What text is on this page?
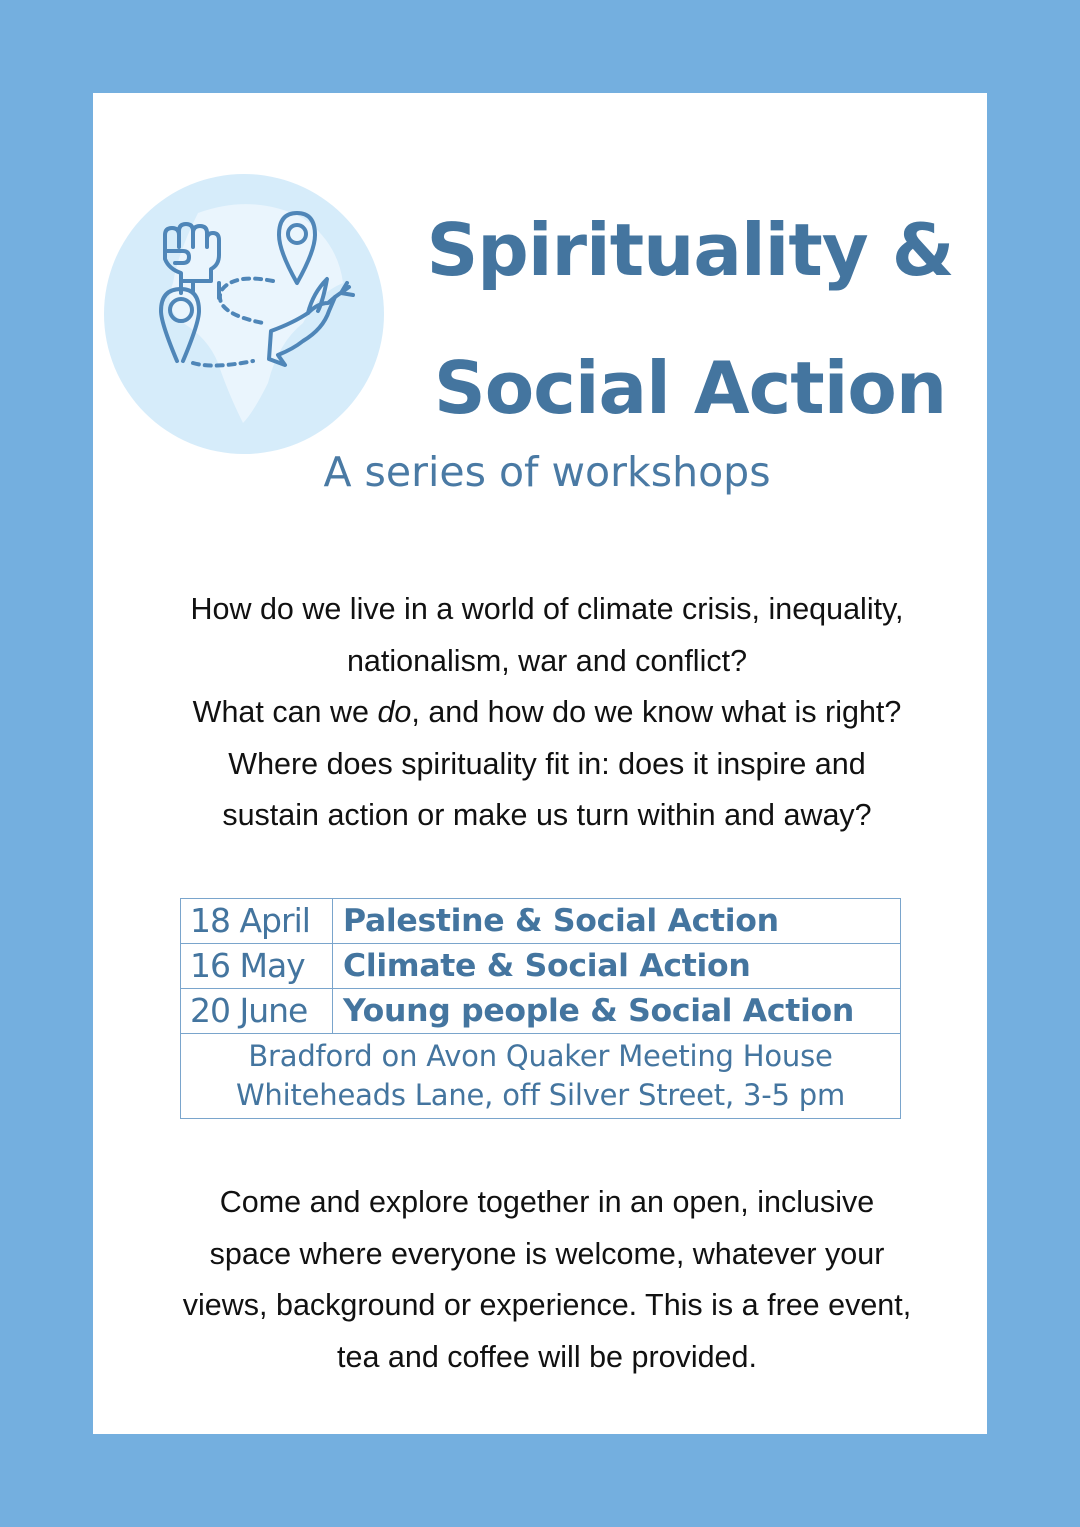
Spirituality &
Social Action
A series of workshops

How do we live in a world of climate crisis, inequality,

nationalism, war and conflict?

What can we do, and how do we know what is right?

Where does spirituality fit in: does it inspire and

sustain action or make us turn within and away?

18 April	Palestine & Social Action
16 May	Climate & Social Action
20 June	Young people & Social Action

Bradford on Avon Quaker Meeting House
Whiteheads Lane, off Silver Street, 3-5 pm	
Come and explore together in an open, inclusive
space where everyone is welcome, whatever your
views, background or experience. This is a free event,
tea and coffee will be provided.
